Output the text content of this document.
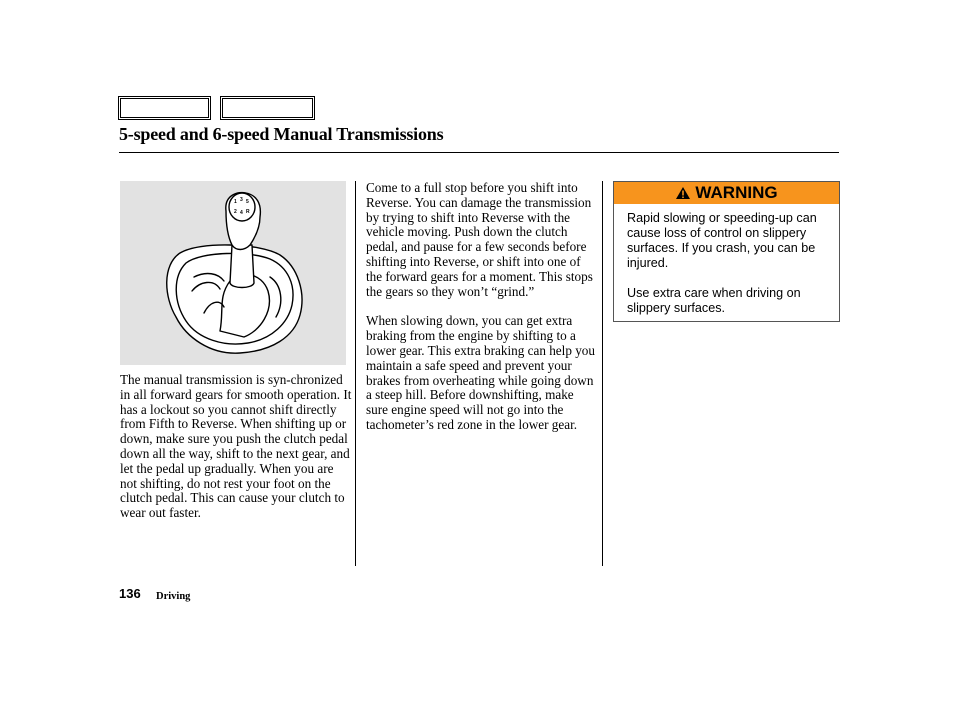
5-speed and 6-speed Manual Transmissions
1 3 5
2 4 R

The manual transmission is syn-chronized in all forward gears for smooth operation. It has a lockout so you cannot shift directly from Fifth to Reverse. When shifting up or down, make sure you push the clutch pedal down all the way, shift to the next gear, and let the pedal up gradually. When you are not shifting, do not rest your foot on the clutch pedal. This can cause your clutch to wear out faster.

Come to a full stop before you shift into Reverse. You can damage the transmission by trying to shift into Reverse with the vehicle moving. Push down the clutch pedal, and pause for a few seconds before shifting into Reverse, or shift into one of the forward gears for a moment. This stops the gears so they won’t “grind.”

When slowing down, you can get extra braking from the engine by shifting to a lower gear. This extra braking can help you maintain a safe speed and prevent your brakes from overheating while going down a steep hill. Before downshifting, make sure engine speed will not go into the tachometer’s red zone in the lower gear.

WARNING

Rapid slowing or speeding-up can cause loss of control on slippery surfaces. If you crash, you can be injured.

Use extra care when driving on slippery surfaces.

136 Driving
